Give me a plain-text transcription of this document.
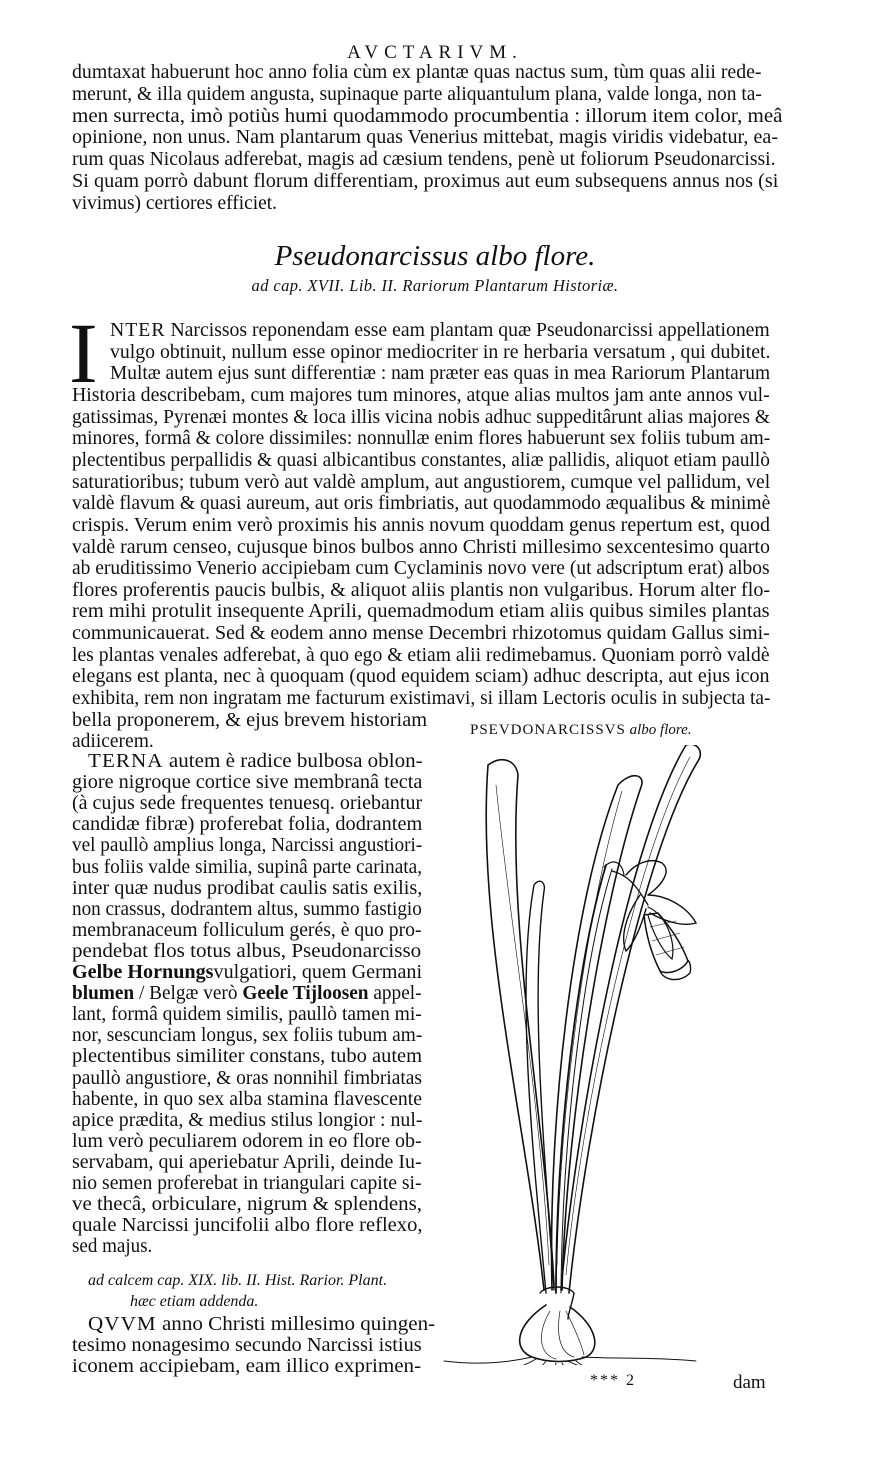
AVCTARIVM.
dumtaxat habuerunt hoc anno folia cùm ex plantæ quas nactus sum, tùm quas alii rede-
merunt, & illa quidem angusta, supinaque parte aliquantulum plana, valde longa, non ta-
men surrecta, imò potiùs humi quodammodo procumbentia : illorum item color, meâ
opinione, non unus. Nam plantarum quas Venerius mittebat, magis viridis videbatur, ea-
rum quas Nicolaus adferebat, magis ad cæsium tendens, penè ut foliorum Pseudonarcissi.
Si quam porrò dabunt florum differentiam, proximus aut eum subsequens annus nos (si
vivimus) certiores efficiet.
Pseudonarcissus albo flore.
ad cap. XVII. Lib. II. Rariorum Plantarum Historiæ.
I NTER Narcissos reponendam esse eam plantam quæ Pseudonarcissi appellationem
vulgo obtinuit, nullum esse opinor mediocriter in re herbaria versatum , qui dubitet.
Multæ autem ejus sunt differentiæ : nam præter eas quas in mea Rariorum Plantarum
Historia describebam, cum majores tum minores, atque alias multos jam ante annos vul-
gatissimas, Pyrenæi montes & loca illis vicina nobis adhuc suppeditârunt alias majores &
minores, formâ & colore dissimiles: nonnullæ enim flores habuerunt sex foliis tubum am-
plectentibus perpallidis & quasi albicantibus constantes, aliæ pallidis, aliquot etiam paullò
saturatioribus; tubum verò aut valdè amplum, aut angustiorem, cumque vel pallidum, vel
valdè flavum & quasi aureum, aut oris fimbriatis, aut quodammodo æqualibus & minimè
crispis. Verum enim verò proximis his annis novum quoddam genus repertum est, quod
valdè rarum censeo, cujusque binos bulbos anno Christi millesimo sexcentesimo quarto
ab eruditissimo Venerio accipiebam cum Cyclaminis novo vere (ut adscriptum erat) albos
flores proferentis paucis bulbis, & aliquot aliis plantis non vulgaribus. Horum alter flo-
rem mihi protulit insequente Aprili, quemadmodum etiam aliis quibus similes plantas
communicauerat. Sed & eodem anno mense Decembri rhizotomus quidam Gallus simi-
les plantas venales adferebat, à quo ego & etiam alii redimebamus. Quoniam porrò valdè
elegans est planta, nec à quoquam (quod equidem sciam) adhuc descripta, aut ejus icon
exhibita, rem non ingratam me facturum existimavi, si illam Lectoris oculis in subjecta ta-
bella proponerem, & ejus brevem historiam
adiicerem.
PSEVDONARCISSVS albo flore.
TERNA autem è radice bulbosa oblon-
giore nigroque cortice sive membranâ tecta
(à cujus sede frequentes tenuesq. oriebantur
candidæ fibræ) proferebat folia, dodrantem
vel paullò amplius longa, Narcissi angustiori-
bus foliis valde similia, supinâ parte carinata,
inter quæ nudus prodibat caulis satis exilis,
non crassus, dodrantem altus, summo fastigio
membranaceum folliculum gerés, è quo pro-
pendebat flos totus albus, Pseudonarcisso
Gelbe Hornungsvulgatiori, quem Germani
blumen / Belgæ verò Geele Tijloosen appel-
lant, formâ quidem similis, paullò tamen mi-
nor, sescunciam longus, sex foliis tubum am-
plectentibus similiter constans, tubo autem
paullò angustiore, & oras nonnihil fimbriatas
habente, in quo sex alba stamina flavescente
apice prædita, & medius stilus longior : nul-
lum verò peculiarem odorem in eo flore ob-
servabam, qui aperiebatur Aprili, deinde Iu-
nio semen proferebat in triangulari capite si-
ve thecâ, orbiculare, nigrum & splendens,
quale Narcissi juncifolii albo flore reflexo,
sed majus.
ad calcem cap. XIX. lib. II. Hist. Rarior. Plant.
hæc etiam addenda.
QVVM anno Christi millesimo quingen-
tesimo nonagesimo secundo Narcissi istius
iconem accipiebam, eam illico exprimen-
*** 2	dam
